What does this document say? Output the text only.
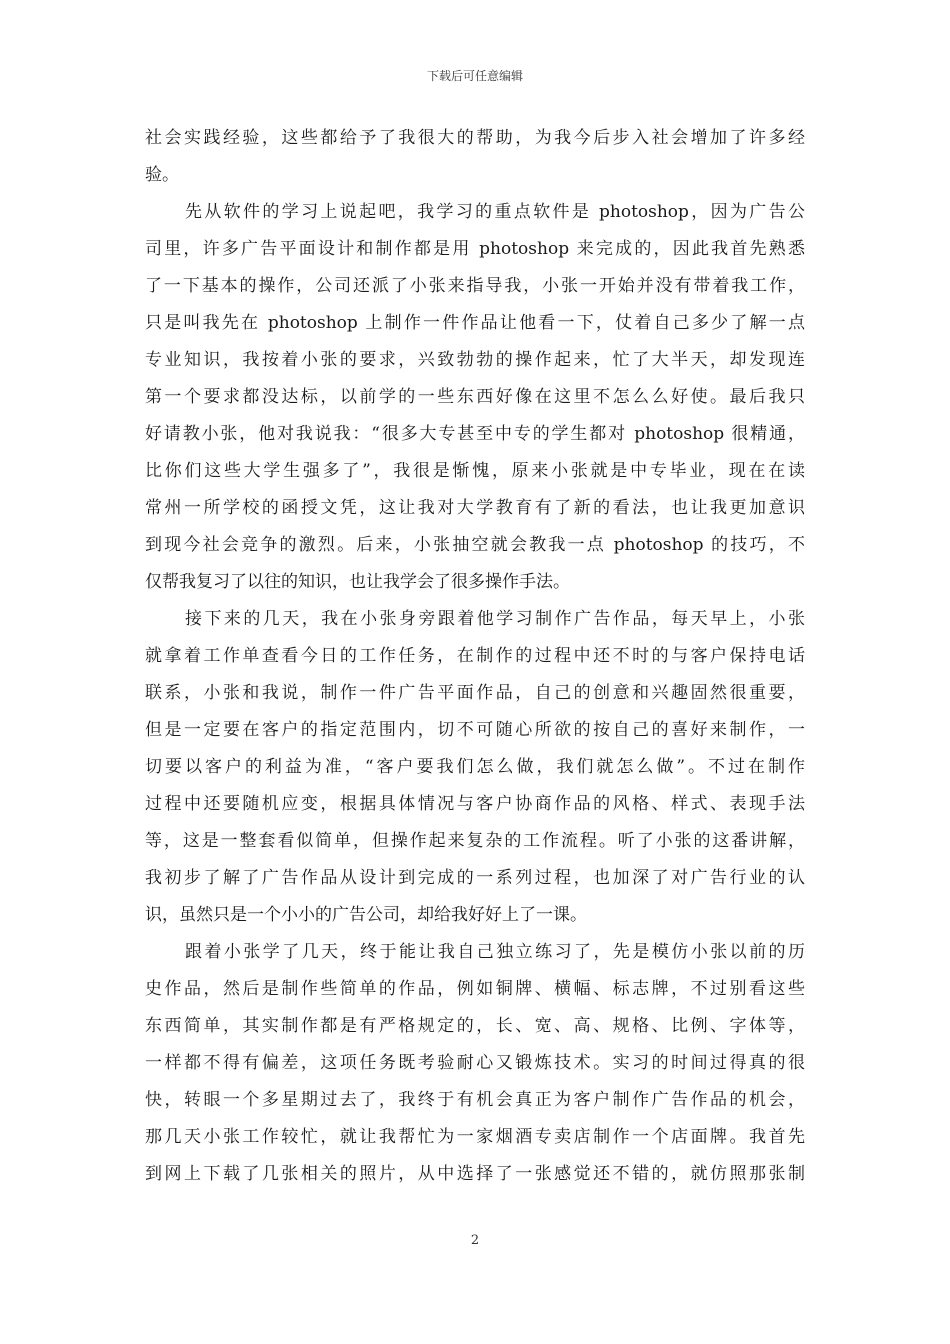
下载后可任意编辑
社会实践经验，这些都给予了我很大的帮助，为我今后步入社会增加了许多经
验。
先从软件的学习上说起吧，我学习的重点软件是 photoshop，因为广告公
司里，许多广告平面设计和制作都是用 photoshop 来完成的，因此我首先熟悉
了一下基本的操作，公司还派了小张来指导我，小张一开始并没有带着我工作，
只是叫我先在 photoshop 上制作一件作品让他看一下，仗着自己多少了解一点
专业知识，我按着小张的要求，兴致勃勃的操作起来，忙了大半天，却发现连
第一个要求都没达标，以前学的一些东西好像在这里不怎么么好使。最后我只
好请教小张，他对我说我：“很多大专甚至中专的学生都对 photoshop 很精通，
比你们这些大学生强多了”，我很是惭愧，原来小张就是中专毕业，现在在读
常州一所学校的函授文凭，这让我对大学教育有了新的看法，也让我更加意识
到现今社会竞争的激烈。后来，小张抽空就会教我一点 photoshop 的技巧，不
仅帮我复习了以往的知识，也让我学会了很多操作手法。
接下来的几天，我在小张身旁跟着他学习制作广告作品，每天早上，小张
就拿着工作单查看今日的工作任务，在制作的过程中还不时的与客户保持电话
联系，小张和我说，制作一件广告平面作品，自己的创意和兴趣固然很重要，
但是一定要在客户的指定范围内，切不可随心所欲的按自己的喜好来制作，一
切要以客户的利益为准，“客户要我们怎么做，我们就怎么做”。不过在制作
过程中还要随机应变，根据具体情况与客户协商作品的风格、样式、表现手法
等，这是一整套看似简单，但操作起来复杂的工作流程。听了小张的这番讲解，
我初步了解了广告作品从设计到完成的一系列过程，也加深了对广告行业的认
识，虽然只是一个小小的广告公司，却给我好好上了一课。
跟着小张学了几天，终于能让我自己独立练习了，先是模仿小张以前的历
史作品，然后是制作些简单的作品，例如铜牌、横幅、标志牌，不过别看这些
东西简单，其实制作都是有严格规定的，长、宽、高、规格、比例、字体等，
一样都不得有偏差，这项任务既考验耐心又锻炼技术。实习的时间过得真的很
快，转眼一个多星期过去了，我终于有机会真正为客户制作广告作品的机会，
那几天小张工作较忙，就让我帮忙为一家烟酒专卖店制作一个店面牌。我首先
到网上下载了几张相关的照片，从中选择了一张感觉还不错的，就仿照那张制
2
